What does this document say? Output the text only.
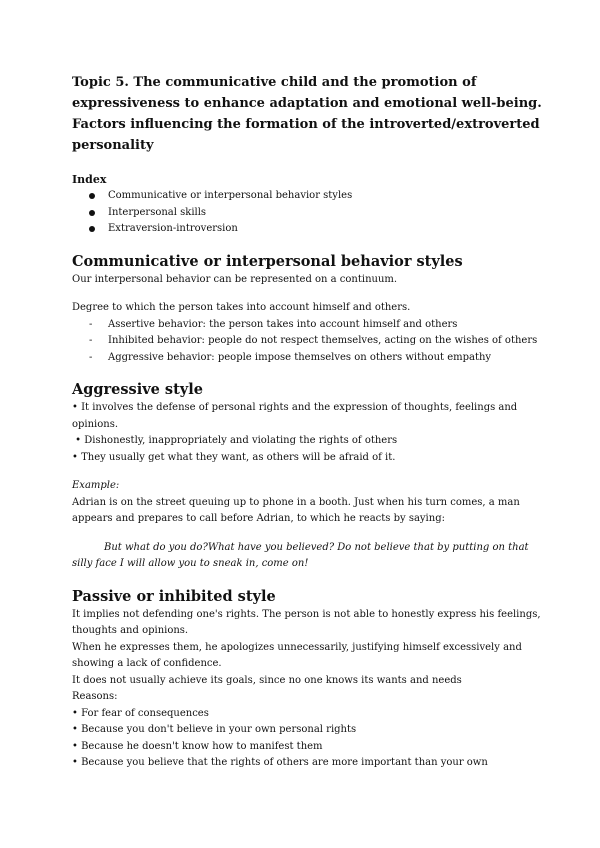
Topic 5. The communicative child and the promotion of expressiveness to enhance adaptation and emotional well-being. Factors influencing the formation of the introverted/extroverted personality

Index

Communicative or interpersonal behavior styles
Interpersonal skills
Extraversion-introversion
Communicative or interpersonal behavior styles

Our interpersonal behavior can be represented on a continuum.

Degree to which the person takes into account himself and others.

- Assertive behavior: the person takes into account himself and others
- Inhibited behavior: people do not respect themselves, acting on the wishes of others
- Aggressive behavior: people impose themselves on others without empathy
Aggressive style

• It involves the defense of personal rights and the expression of thoughts, feelings and opinions.

• Dishonestly, inappropriately and violating the rights of others

• They usually get what they want, as others will be afraid of it.

Example:

Adrian is on the street queuing up to phone in a booth. Just when his turn comes, a man appears and prepares to call before Adrian, to which he reacts by saying:

But what do you do?What have you believed? Do not believe that by putting on that silly face I will allow you to sneak in, come on!

Passive or inhibited style

It implies not defending one's rights. The person is not able to honestly express his feelings, thoughts and opinions.

When he expresses them, he apologizes unnecessarily, justifying himself excessively and showing a lack of confidence.

It does not usually achieve its goals, since no one knows its wants and needs

Reasons:

• For fear of consequences

• Because you don't believe in your own personal rights

• Because he doesn't know how to manifest them

• Because you believe that the rights of others are more important than your own
